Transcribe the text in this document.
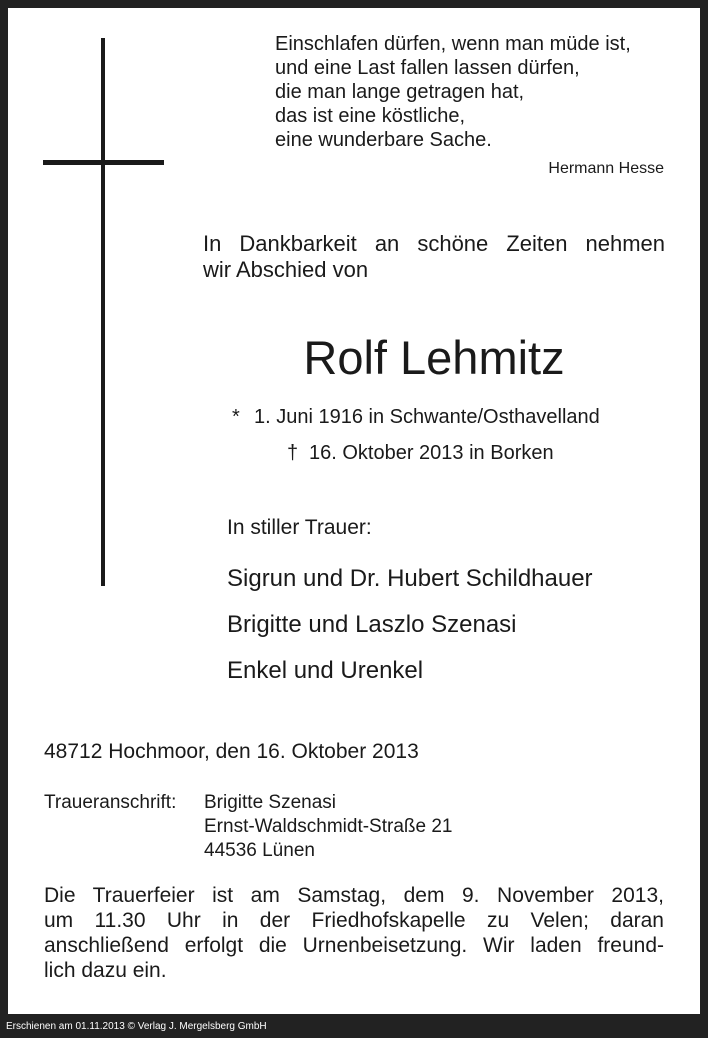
Einschlafen dürfen, wenn man müde ist,
und eine Last fallen lassen dürfen,
die man lange getragen hat,
das ist eine köstliche,
eine wunderbare Sache.
Hermann Hesse
In Dankbarkeit an schöne Zeiten nehmen
wir Abschied von
Rolf Lehmitz
* 1. Juni 1916 in Schwante/Osthavelland
† 16. Oktober 2013 in Borken
In stiller Trauer:
Sigrun und Dr. Hubert Schildhauer
Brigitte und Laszlo Szenasi
Enkel und Urenkel
48712 Hochmoor, den 16. Oktober 2013
Traueranschrift:	Brigitte Szenasi
Ernst-Waldschmidt-Straße 21
44536 Lünen
Die Trauerfeier ist am Samstag, dem 9. November 2013,
um 11.30 Uhr in der Friedhofskapelle zu Velen; daran
anschließend erfolgt die Urnenbeisetzung. Wir laden freund-
lich dazu ein.
Erschienen am 01.11.2013 © Verlag J. Mergelsberg GmbH
